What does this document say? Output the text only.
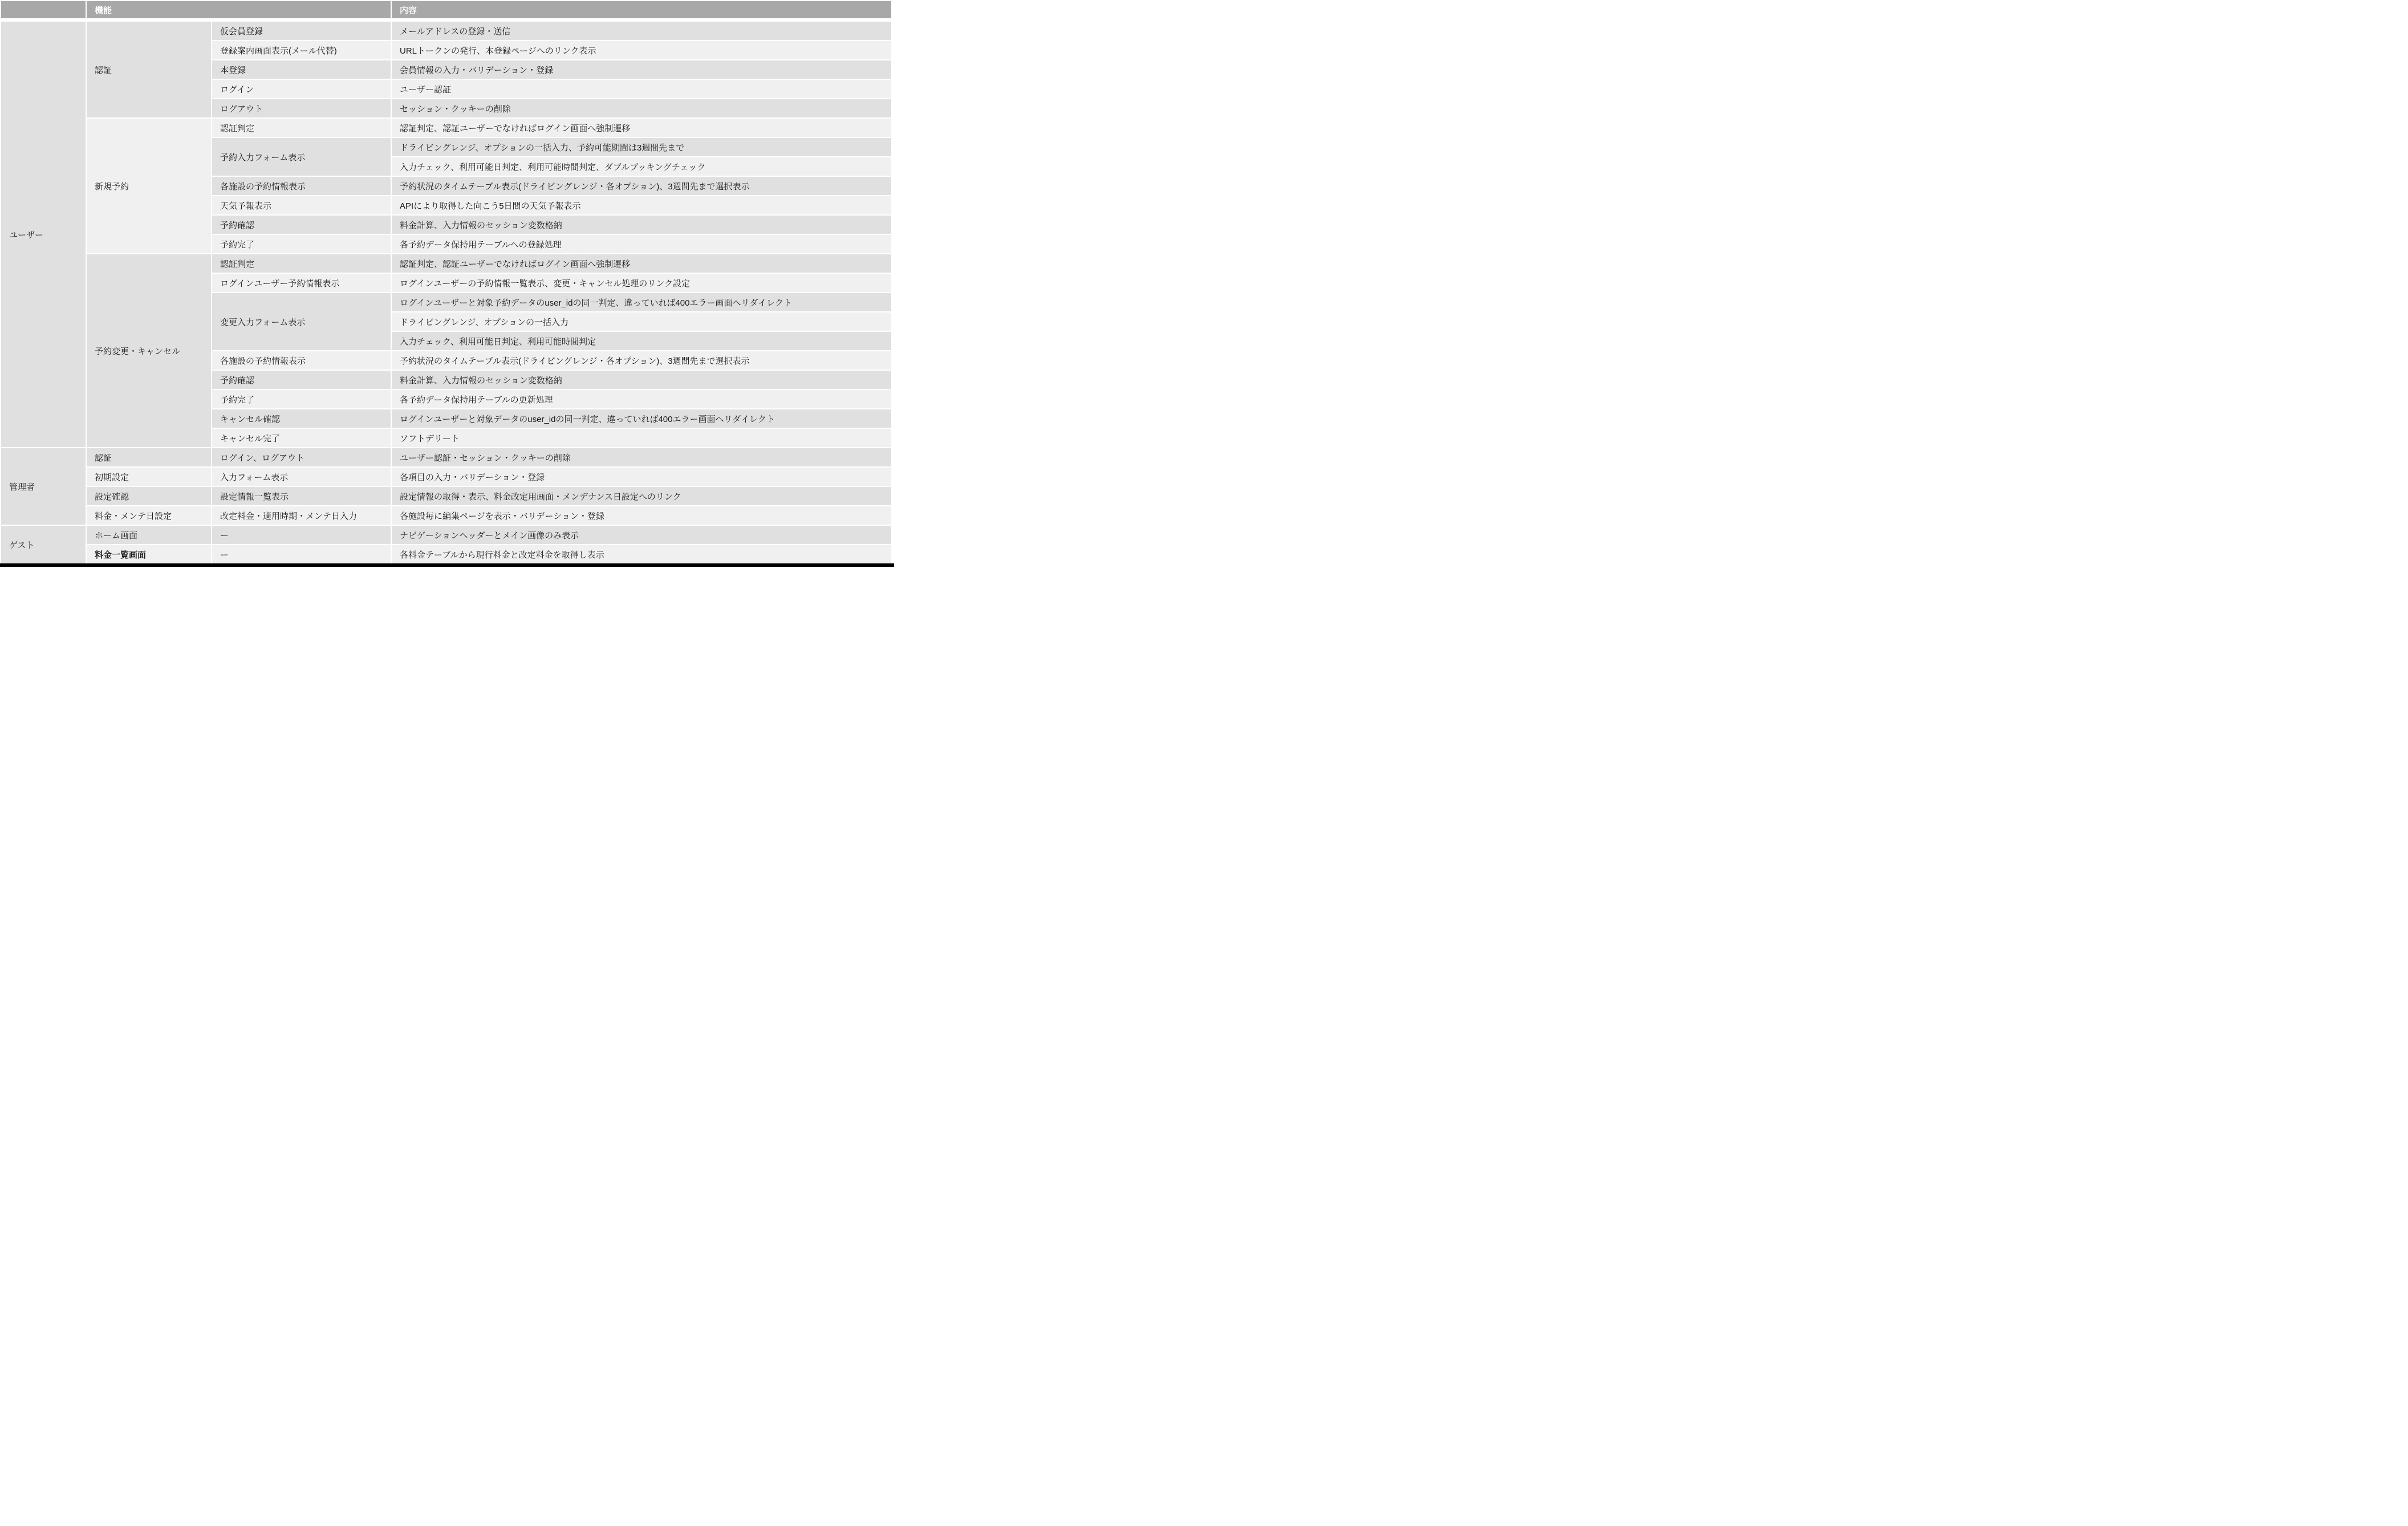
	機能		内容
ユーザー	認証	仮会員登録	メールアドレスの登録・送信
		登録案内画面表示(メール代替)	URLトークンの発行、本登録ページへのリンク表示
		本登録	会員情報の入力・バリデーション・登録
		ログイン	ユーザー認証
		ログアウト	セッション・クッキーの削除
	新規予約	認証判定	認証判定、認証ユーザーでなければログイン画面へ強制遷移
		予約入力フォーム表示	ドライビングレンジ、オプションの一括入力、予約可能期間は3週間先まで
			入力チェック、利用可能日判定、利用可能時間判定、ダブルブッキングチェック
		各施設の予約情報表示	予約状況のタイムテーブル表示(ドライビングレンジ・各オプション)、3週間先まで選択表示
		天気予報表示	APIにより取得した向こう5日間の天気予報表示
		予約確認	料金計算、入力情報のセッション変数格納
		予約完了	各予約データ保持用テーブルへの登録処理
	予約変更・キャンセル	認証判定	認証判定、認証ユーザーでなければログイン画面へ強制遷移
		ログインユーザー予約情報表示	ログインユーザーの予約情報一覧表示、変更・キャンセル処理のリンク設定
		変更入力フォーム表示	ログインユーザーと対象予約データのuser_idの同一判定、違っていれば400エラー画面へリダイレクト
			ドライビングレンジ、オプションの一括入力
			入力チェック、利用可能日判定、利用可能時間判定
		各施設の予約情報表示	予約状況のタイムテーブル表示(ドライビングレンジ・各オプション)、3週間先まで選択表示
		予約確認	料金計算、入力情報のセッション変数格納
		予約完了	各予約データ保持用テーブルの更新処理
		キャンセル確認	ログインユーザーと対象データのuser_idの同一判定、違っていれば400エラー画面へリダイレクト
		キャンセル完了	ソフトデリート
管理者	認証	ログイン、ログアウト	ユーザー認証・セッション・クッキーの削除
	初期設定	入力フォーム表示	各項目の入力・バリデーション・登録
	設定確認	設定情報一覧表示	設定情報の取得・表示、料金改定用画面・メンデナンス日設定へのリンク
	料金・メンテ日設定	改定料金・適用時期・メンテ日入力	各施設毎に編集ページを表示・バリデーション・登録
ゲスト	ホーム画面	ー	ナビゲーションヘッダーとメイン画像のみ表示
	料金一覧画面	ー	各料金テーブルから現行料金と改定料金を取得し表示
